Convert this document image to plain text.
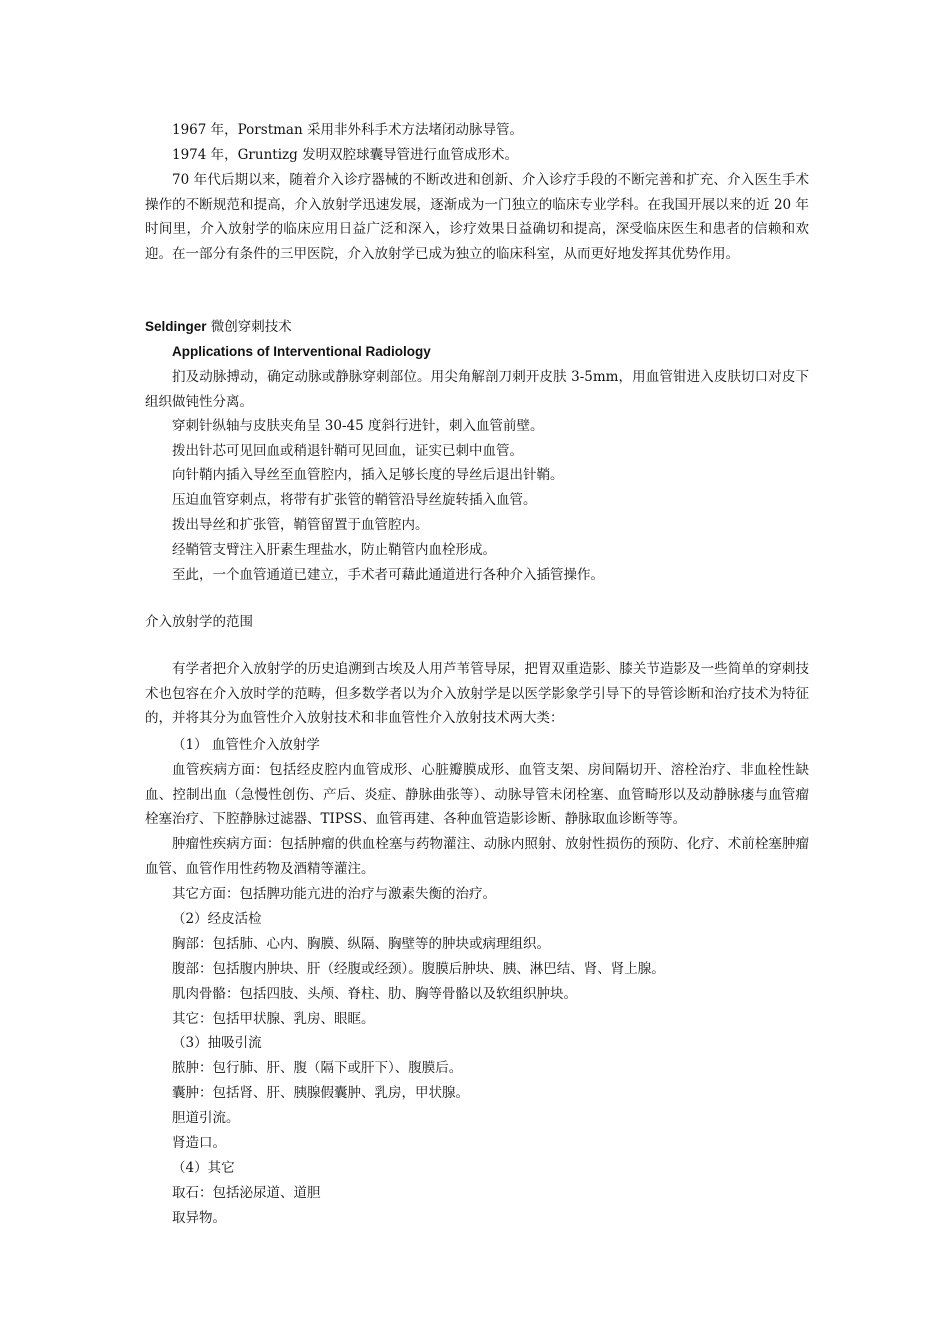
1967 年，Porstman 采用非外科手术方法堵闭动脉导管。

1974 年，Gruntizg 发明双腔球囊导管进行血管成形术。

70 年代后期以来，随着介入诊疗器械的不断改进和创新、介入诊疗手段的不断完善和扩充、介入医生手术操作的不断规范和提高，介入放射学迅速发展，逐渐成为一门独立的临床专业学科。在我国开展以来的近 20 年时间里，介入放射学的临床应用日益广泛和深入，诊疗效果日益确切和提高，深受临床医生和患者的信赖和欢迎。在一部分有条件的三甲医院，介入放射学已成为独立的临床科室，从而更好地发挥其优势作用。

Seldinger 微创穿刺技术

Applications of Interventional Radiology

扪及动脉搏动，确定动脉或静脉穿刺部位。用尖角解剖刀刺开皮肤 3-5mm，用血管钳进入皮肤切口对皮下组织做钝性分离。

穿刺针纵轴与皮肤夹角呈 30-45 度斜行进针，刺入血管前壁。

拨出针芯可见回血或稍退针鞘可见回血，证实已刺中血管。

向针鞘内插入导丝至血管腔内，插入足够长度的导丝后退出针鞘。

压迫血管穿刺点，将带有扩张管的鞘管沿导丝旋转插入血管。

拨出导丝和扩张管，鞘管留置于血管腔内。

经鞘管支臂注入肝素生理盐水，防止鞘管内血栓形成。

至此，一个血管通道已建立，手术者可藉此通道进行各种介入插管操作。

介入放射学的范围

有学者把介入放射学的历史追溯到古埃及人用芦苇管导尿，把胃双重造影、膝关节造影及一些简单的穿刺技术也包容在介入放时学的范畴，但多数学者以为介入放射学是以医学影象学引导下的导管诊断和治疗技术为特征的，并将其分为血管性介入放射技术和非血管性介入放射技术两大类：

（1） 血管性介入放射学

血管疾病方面：包括经皮腔内血管成形、心脏瓣膜成形、血管支架、房间隔切开、溶栓治疗、非血栓性缺血、控制出血（急慢性创伤、产后、炎症、静脉曲张等）、动脉导管未闭栓塞、血管畸形以及动静脉瘘与血管瘤栓塞治疗、下腔静脉过滤器、TIPSS、血管再建、各种血管造影诊断、静脉取血诊断等等。

肿瘤性疾病方面：包括肿瘤的供血栓塞与药物灌注、动脉内照射、放射性损伤的预防、化疗、术前栓塞肿瘤血管、血管作用性药物及酒精等灌注。

其它方面：包括脾功能亢进的治疗与激素失衡的治疗。

（2）经皮活检

胸部：包括肺、心内、胸膜、纵隔、胸壁等的肿块或病理组织。

腹部：包括腹内肿块、肝（经腹或经颈）。腹膜后肿块、胰、淋巴结、肾、肾上腺。

肌肉骨骼：包括四肢、头颅、脊柱、肋、胸等骨骼以及软组织肿块。

其它：包括甲状腺、乳房、眼眶。

（3）抽吸引流

脓肿：包行肺、肝、腹（隔下或肝下）、腹膜后。

囊肿：包括肾、肝、胰腺假囊肿、乳房，甲状腺。

胆道引流。

肾造口。

（4）其它

取石：包括泌尿道、道胆

取异物。
